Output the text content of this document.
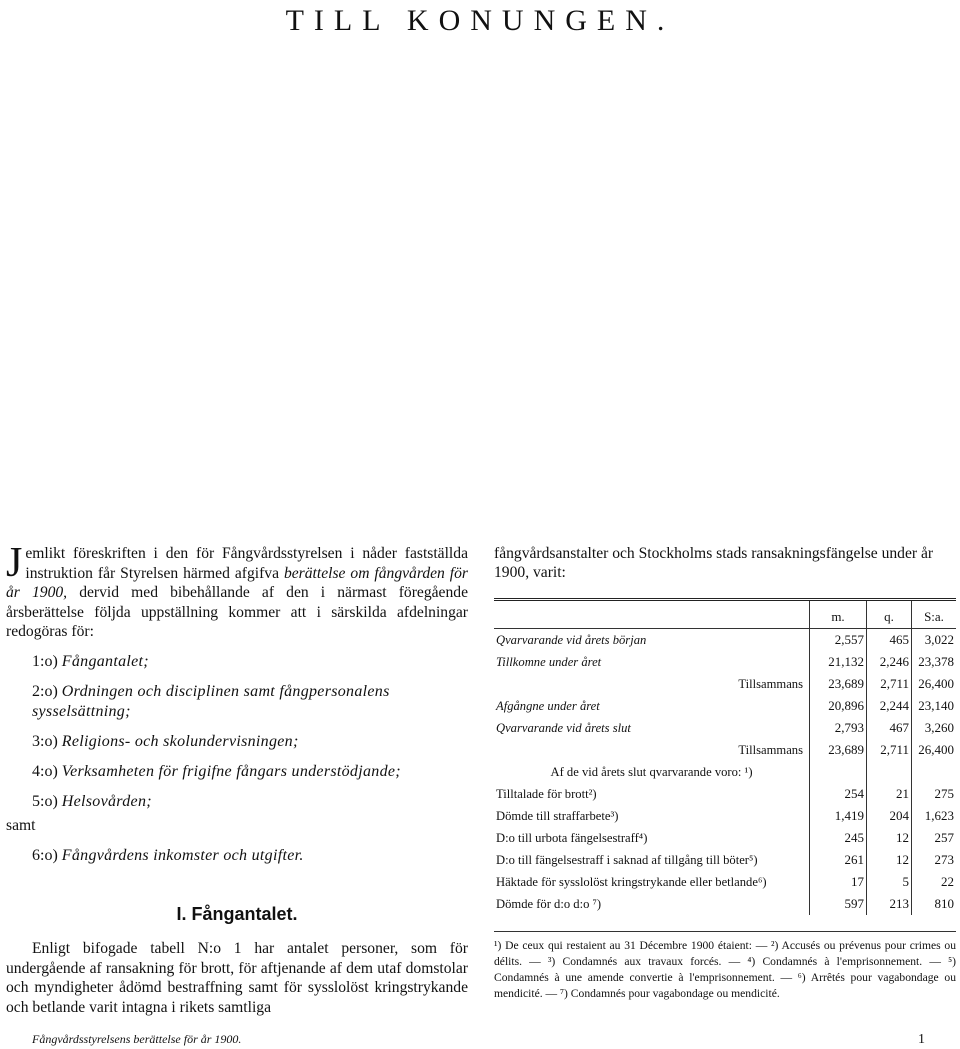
TILL KONUNGEN.

Jemlikt föreskriften i den för Fångvårdsstyrelsen i nåder fastställda instruktion får Styrelsen härmed afgifva berättelse om fångvården för år 1900, dervid med bibehållande af den i närmast föregående årsberättelse följda uppställning kommer att i särskilda afdelningar redogöras för:

1:o) Fångantalet;
2:o) Ordningen och disciplinen samt fångpersonalens sysselsättning;
3:o) Religions- och skolundervisningen;
4:o) Verksamheten för frigifne fångars understödjande;
5:o) Helsovården;
samt
6:o) Fångvårdens inkomster och utgifter.
I. Fångantalet.

Enligt bifogade tabell N:o 1 har antalet personer, som för undergående af ransakning för brott, för aftjenande af dem utaf domstolar och myndigheter ådömd bestraffning samt för sysslolöst kringstrykande och betlande varit intagna i rikets samtliga

fångvårdsanstalter och Stockholms stads ransakningsfängelse under år 1900, varit:

	m.	q.	S:a.
Qvarvarande vid årets början	2,557	465	3,022
Tillkomne under året	21,132	2,246	23,378
Tillsammans	23,689	2,711	26,400
Afgångne under året	20,896	2,244	23,140
Qvarvarande vid årets slut	2,793	467	3,260
Tillsammans	23,689	2,711	26,400
Af de vid årets slut qvarvarande voro: ¹)			
Tilltalade för brott²)	254	21	275
Dömde till straffarbete³)	1,419	204	1,623
D:o till urbota fängelsestraff⁴)	245	12	257
D:o till fängelsestraff i saknad af tillgång till böter⁵)	261	12	273
Häktade för sysslolöst kringstrykande eller betlande⁶)	17	5	22
Dömde för d:o d:o ⁷)	597	213	810

¹) De ceux qui restaient au 31 Décembre 1900 étaient: — ²) Accusés ou prévenus pour crimes ou délits. — ³) Condamnés aux travaux forcés. — ⁴) Condamnés à l'emprisonnement. — ⁵) Condamnés à une amende convertie à l'emprisonnement. — ⁶) Arrêtés pour vagabondage ou mendicité. — ⁷) Condamnés pour vagabondage ou mendicité.

Fångvårdsstyrelsens berättelse för år 1900.	1
